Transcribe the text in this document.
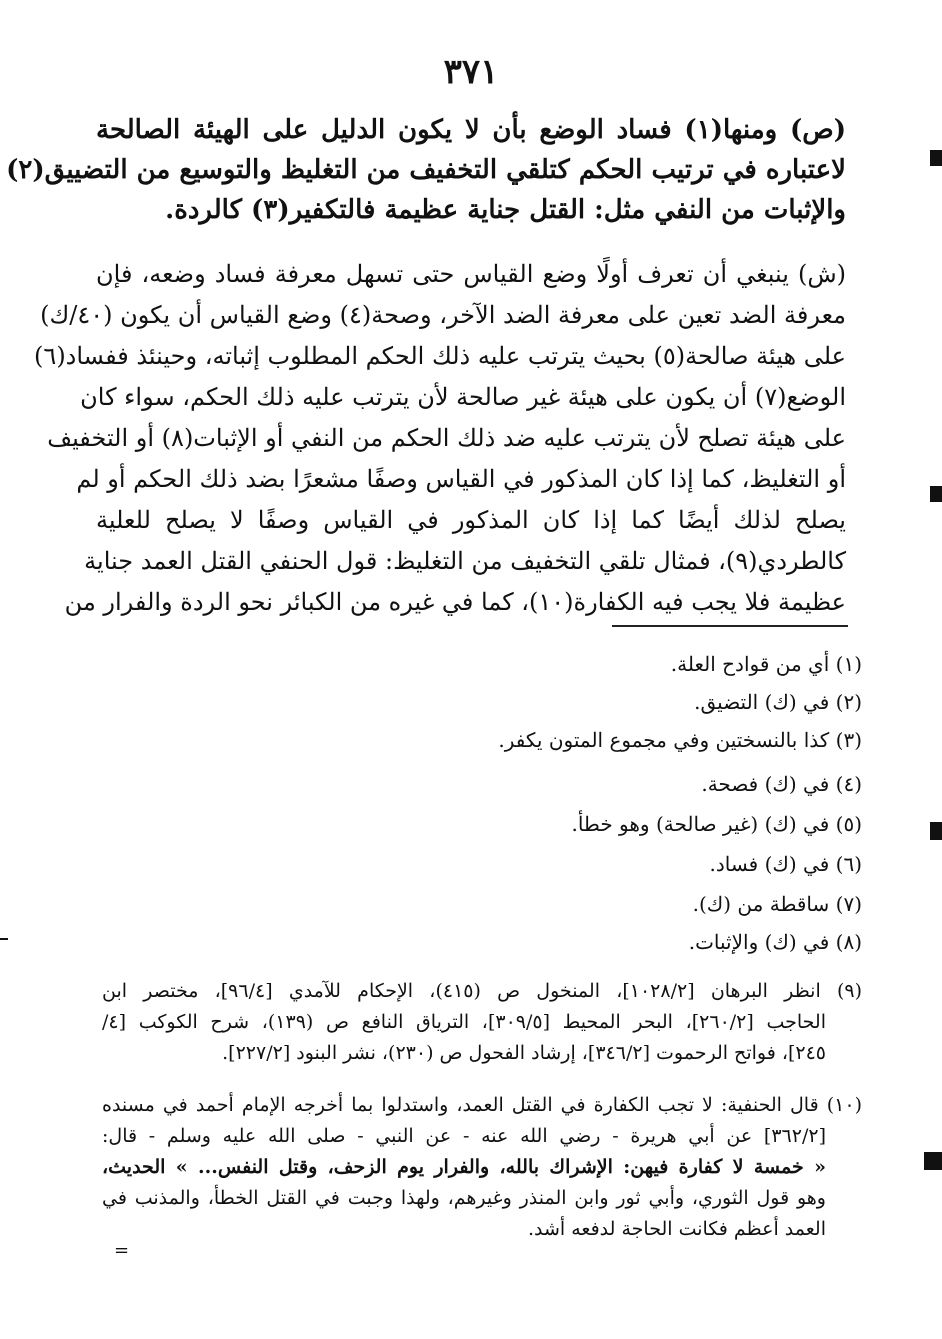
٣٧١
(ص) ومنها(١) فساد الوضع بأن لا يكون الدليل على الهيئة الصالحة
لاعتباره في ترتيب الحكم كتلقي التخفيف من التغليظ والتوسيع من التضييق(٢)
والإثبات من النفي مثل: القتل جناية عظيمة فالتكفير(٣) كالردة.
(ش) ينبغي أن تعرف أولًا وضع القياس حتى تسهل معرفة فساد وضعه، فإن
معرفة الضد تعين على معرفة الضد الآخر، وصحة(٤) وضع القياس أن يكون (٤٠/ك)
على هيئة صالحة(٥) بحيث يترتب عليه ذلك الحكم المطلوب إثباته، وحينئذ ففساد(٦)
الوضع(٧) أن يكون على هيئة غير صالحة لأن يترتب عليه ذلك الحكم، سواء كان
على هيئة تصلح لأن يترتب عليه ضد ذلك الحكم من النفي أو الإثبات(٨) أو التخفيف
أو التغليظ، كما إذا كان المذكور في القياس وصفًا مشعرًا بضد ذلك الحكم أو لم
يصلح لذلك أيضًا كما إذا كان المذكور في القياس وصفًا لا يصلح للعلية
كالطردي(٩)، فمثال تلقي التخفيف من التغليظ: قول الحنفي القتل العمد جناية
عظيمة فلا يجب فيه الكفارة(١٠)، كما في غيره من الكبائر نحو الردة والفرار من
(١) أي من قوادح العلة.
(٢) في (ك) التضيق.
(٣) كذا بالنسختين وفي مجموع المتون يكفر.
(٤) في (ك) فصحة.
(٥) في (ك) (غير صالحة) وهو خطأ.
(٦) في (ك) فساد.
(٧) ساقطة من (ك).
(٨) في (ك) والإثبات.
(٩) انظر البرهان [١٠٢٨/٢]، المنخول ص (٤١٥)، الإحكام للآمدي [٩٦/٤]، مختصر ابن
الحاجب [٢٦٠/٢]، البحر المحيط [٣٠٩/٥]، الترياق النافع ص (١٣٩)، شرح الكوكب [٤/
٢٤٥]، فواتح الرحموت [٣٤٦/٢]، إرشاد الفحول ص (٢٣٠)، نشر البنود [٢٢٧/٢].
(١٠) قال الحنفية: لا تجب الكفارة في القتل العمد، واستدلوا بما أخرجه الإمام أحمد في مسنده
[٣٦٢/٢] عن أبي هريرة - رضي الله عنه - عن النبي - صلى الله عليه وسلم - قال:
« خمسة لا كفارة فيهن: الإشراك بالله، والفرار يوم الزحف، وقتل النفس... » الحديث،
وهو قول الثوري، وأبي ثور وابن المنذر وغيرهم، ولهذا وجبت في القتل الخطأ، والمذنب في
العمد أعظم فكانت الحاجة لدفعه أشد.
=
